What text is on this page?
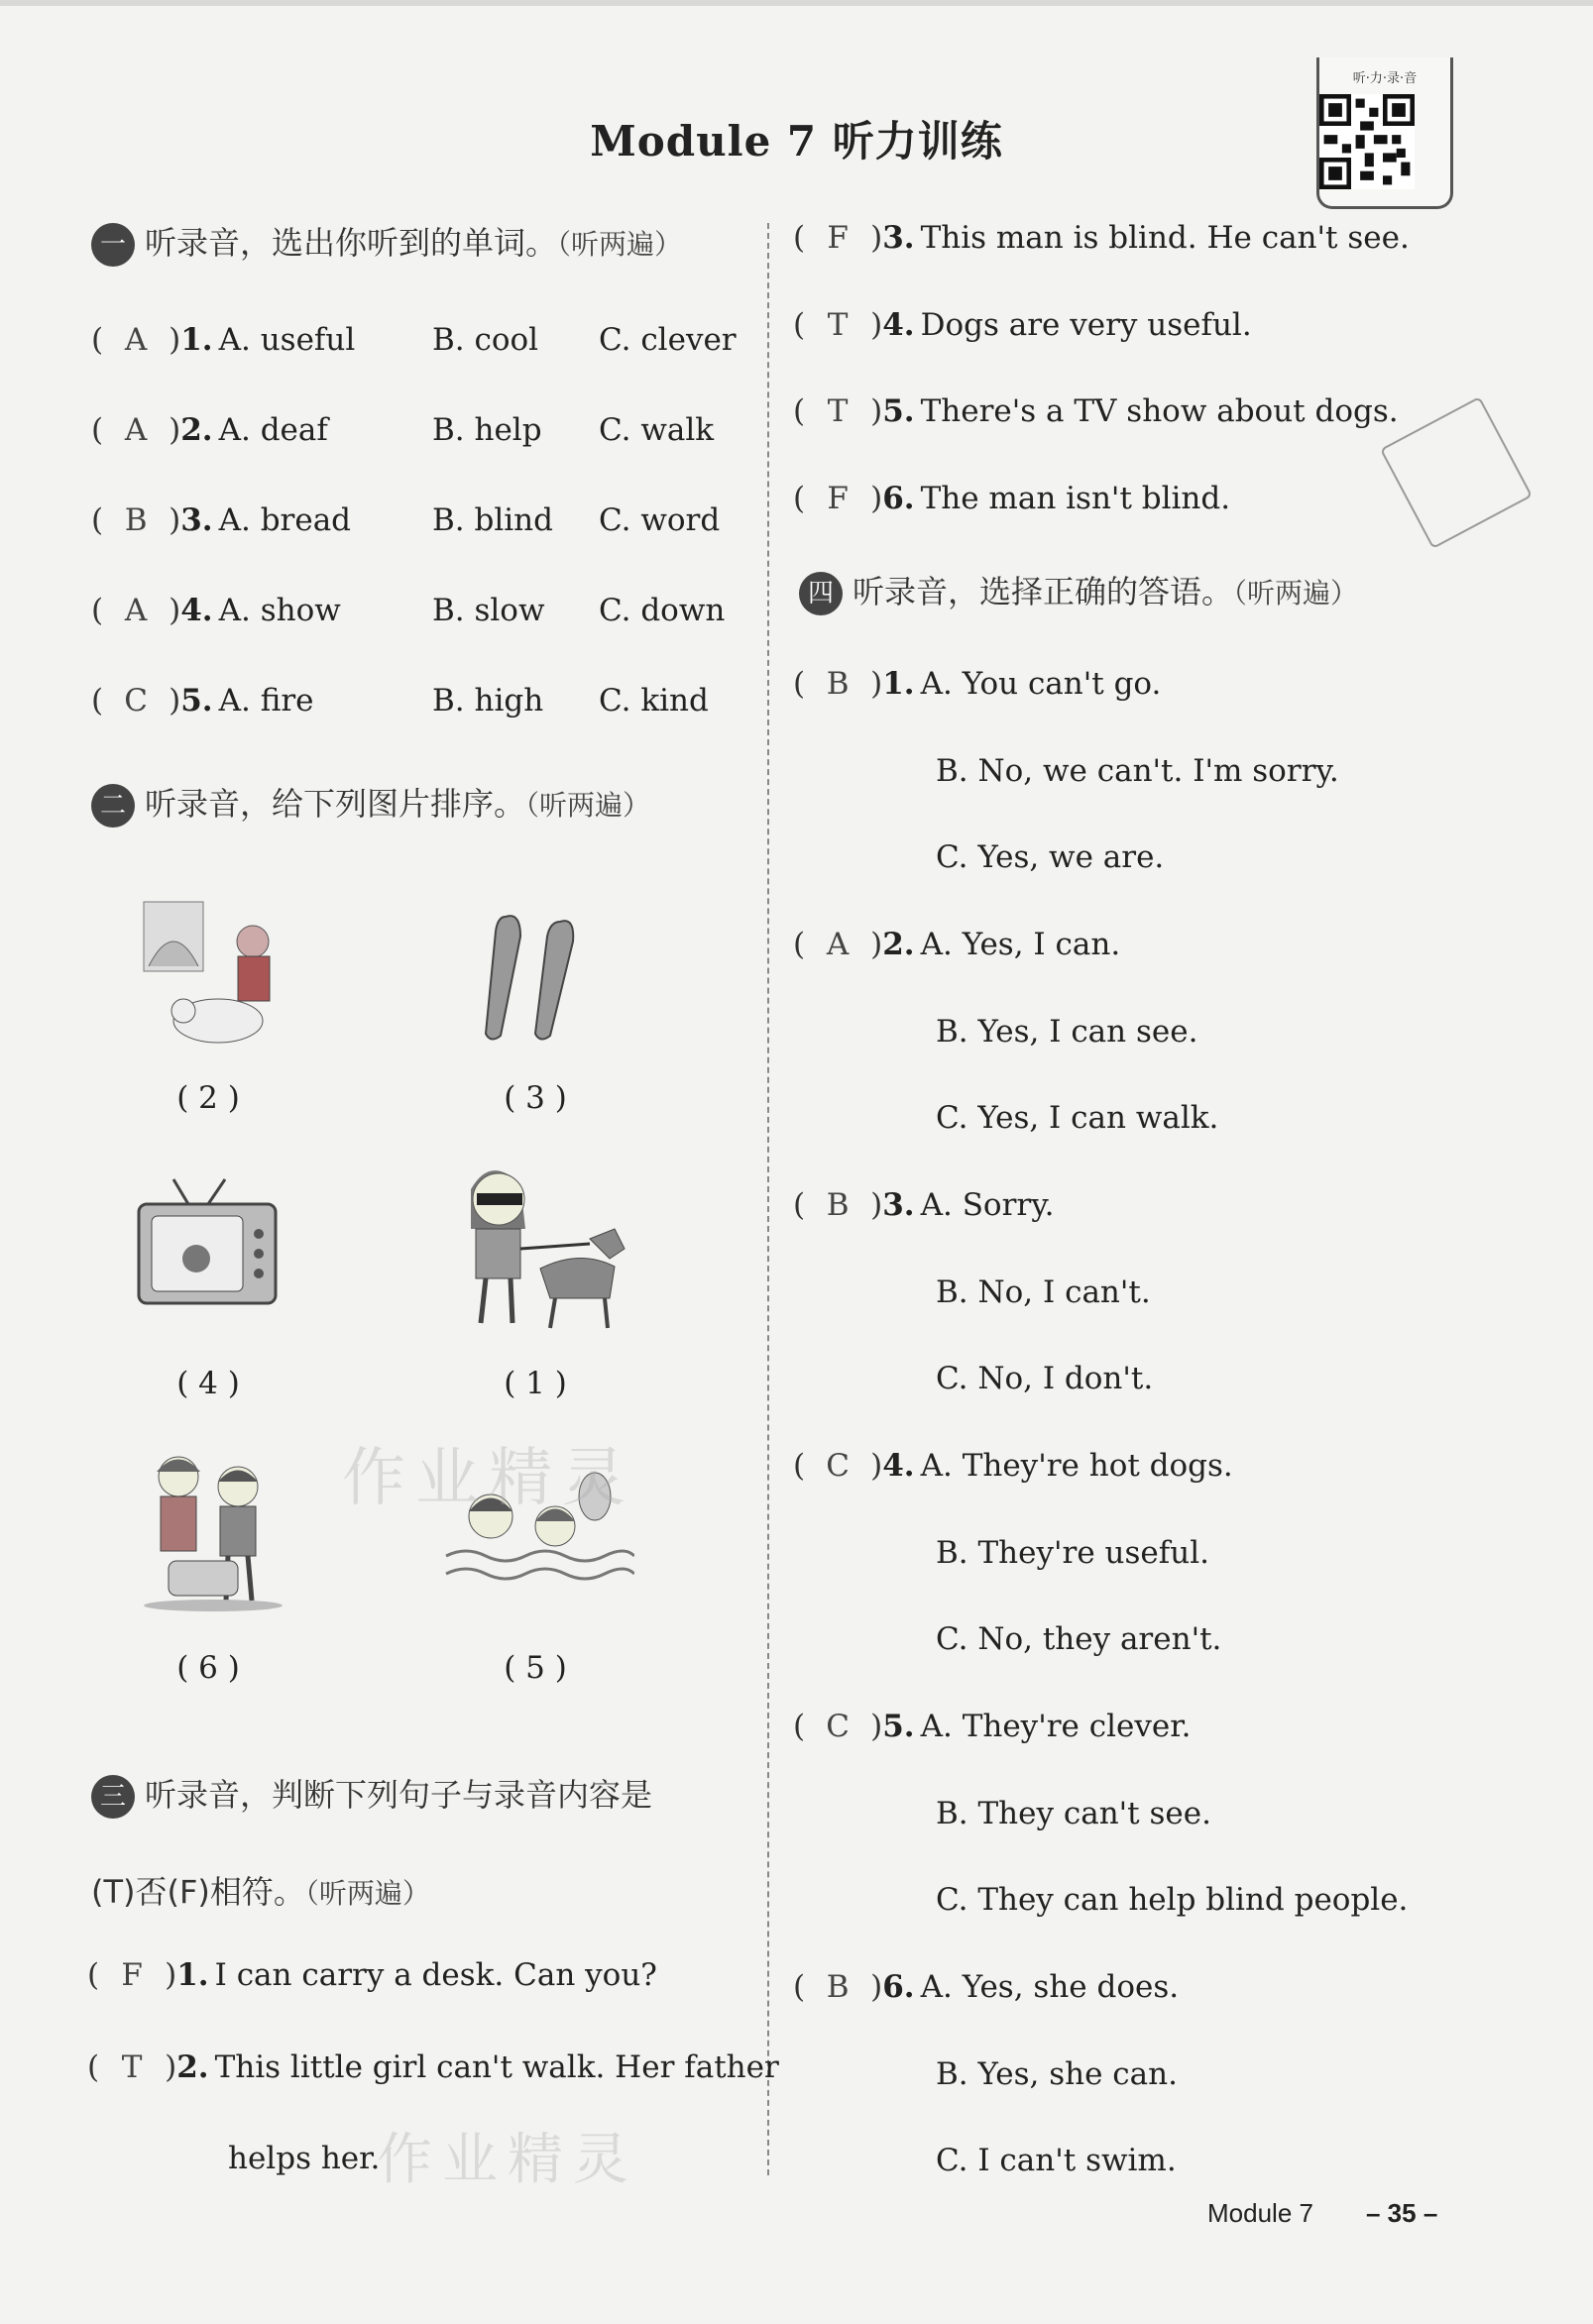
Module 7 听力训练
听·力·录·音
一 听录音，选出你听到的单词。（听两遍）
( A )1. A. useful	B. cool C. clever
( A )2. A. deaf	B. help C. walk
( B )3. A. bread	B. blind C. word
( A )4. A. show	B. slow C. down
( C )5. A. fire	B. high C. kind
二 听录音，给下列图片排序。（听两遍）
( 2 )	( 3 )
( 4 )	( 1 )
( 6 )	( 5 )
三 听录音，判断下列句子与录音内容是
(T)否(F)相符。（听两遍）
( F )1. I can carry a desk. Can you?
( T )2. This little girl can't walk. Her father
helps her.
( F )3. This man is blind. He can't see.
( T )4. Dogs are very useful.
( T )5. There's a TV show about dogs.
( F )6. The man isn't blind.
四 听录音，选择正确的答语。（听两遍）
( B )1. A. You can't go.
B. No, we can't. I'm sorry.
C. Yes, we are.
( A )2. A. Yes, I can.
B. Yes, I can see.
C. Yes, I can walk.
( B )3. A. Sorry.
B. No, I can't.
C. No, I don't.
( C )4. A. They're hot dogs.
B. They're useful.
C. No, they aren't.
( C )5. A. They're clever.
B. They can't see.
C. They can help blind people.
( B )6. A. Yes, she does.
B. Yes, she can.
C. I can't swim.
作业精灵
作业精灵
Module 7 – 35 –
